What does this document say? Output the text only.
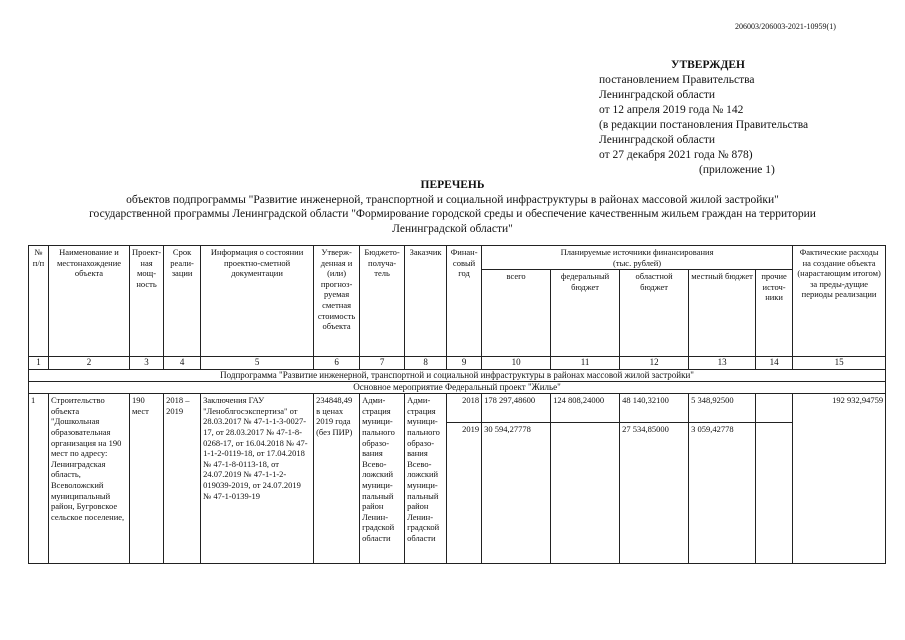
206003/206003-2021-10959(1)
УТВЕРЖДЕН
постановлением Правительства
Ленинградской области
от 12 апреля 2019 года № 142
(в редакции постановления Правительства
Ленинградской области
от 27 декабря 2021 года № 878)
(приложение 1)
ПЕРЕЧЕНЬ
объектов подпрограммы "Развитие инженерной, транспортной и социальной инфраструктуры в районах массовой жилой застройки"
государственной программы Ленинградской области "Формирование городской среды и обеспечение качественным жильем граждан на территории
Ленинградской области"
№ п/п	Наименование и местонахождение объекта	Проект-ная мощ-ность	Срок реали-зации	Информация о состоянии проектно-сметной документации	Утверж-денная и (или) прогноз-руемая сметная стоимость объекта	Бюджето-получа-тель	Заказчик	Финан-совый год	Планируемые источники финансирования
(тыс. рублей)					Фактические расходы на создание объекта (нарастающим итогом) за преды-дущие периоды реализации
									всего	федеральный бюджет	областной бюджет	местный бюджет	прочие источ-ники	
1	2	3	4	5	6	7	8	9	10	11	12	13	14	15
Подпрограмма "Развитие инженерной, транспортной и социальной инфраструктуры в районах массовой жилой застройки"														
Основное мероприятие Федеральный проект "Жилье"														
1	Строительство объекта "Дошкольная образовательная организация на 190 мест по адресу: Ленинградская область, Всеволожский муниципальный район, Бугровское сельское поселение,	190 мест	2018 – 2019	Заключения ГАУ "Леноблгосэкспертиза" от 28.03.2017 № 47-1-1-3-0027-17, от 28.03.2017 № 47-1-8-0268-17, от 16.04.2018 № 47-1-1-2-0119-18, от 17.04.2018 № 47-1-8-0113-18, от 24.07.2019 № 47-1-1-2-019039-2019, от 24.07.2019 № 47-1-0139-19	234848,49 в ценах 2019 года (без ПИР)	Адми-страция муници-пального образо-вания Всево-ложский муници-пальный район Ленин-градской области	Адми-страция муници-пального образо-вания Всево-ложский муници-пальный район Ленин-градской области	2018	178 297,48600	124 808,24000	48 140,32100	5 348,92500		192 932,94759
								2019	30 594,27778		27 534,85000	3 059,42778		
